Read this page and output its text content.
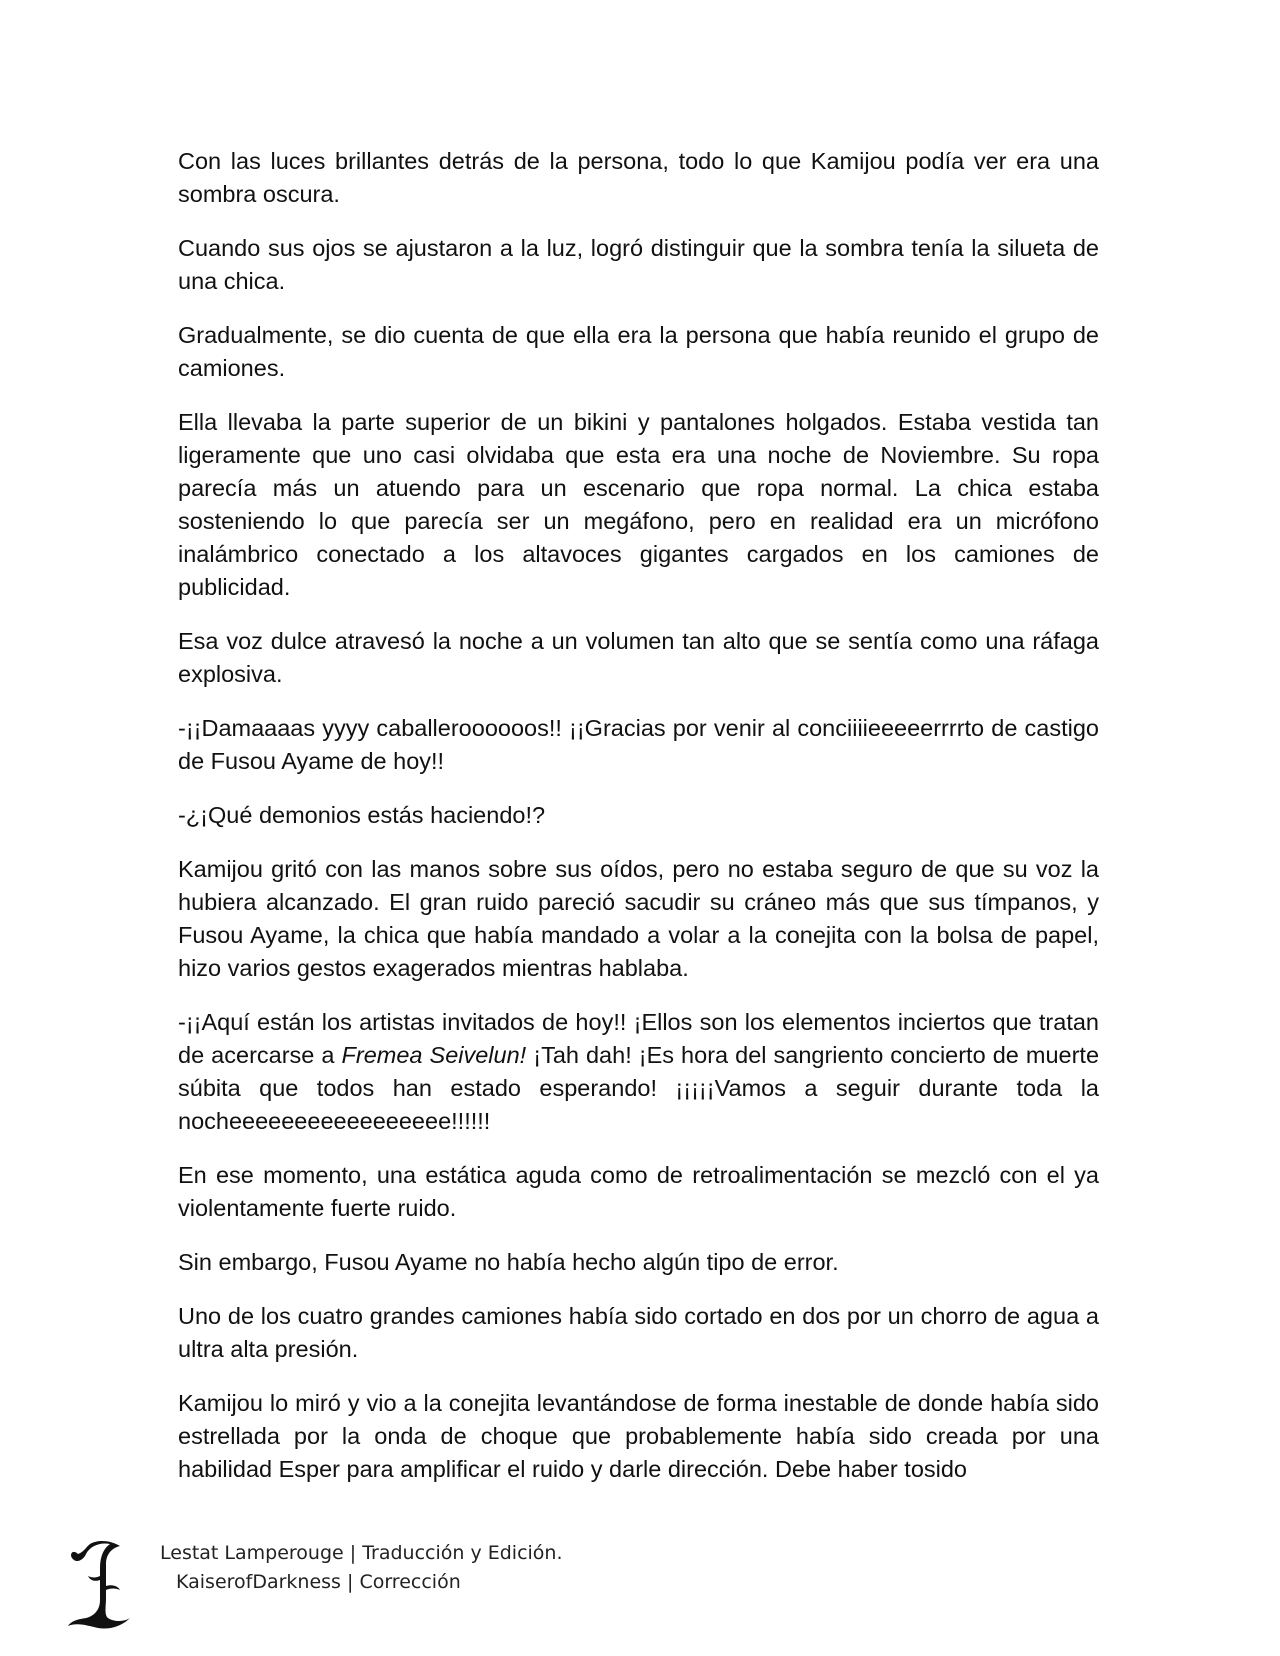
Con las luces brillantes detrás de la persona, todo lo que Kamijou podía ver era una sombra oscura.

Cuando sus ojos se ajustaron a la luz, logró distinguir que la sombra tenía la silueta de una chica.

Gradualmente, se dio cuenta de que ella era la persona que había reunido el grupo de camiones.

Ella llevaba la parte superior de un bikini y pantalones holgados. Estaba vestida tan ligeramente que uno casi olvidaba que esta era una noche de Noviembre. Su ropa parecía más un atuendo para un escenario que ropa normal. La chica estaba sosteniendo lo que parecía ser un megáfono, pero en realidad era un micrófono inalámbrico conectado a los altavoces gigantes cargados en los camiones de publicidad.

Esa voz dulce atravesó la noche a un volumen tan alto que se sentía como una ráfaga explosiva.

-¡¡Damaaaas yyyy caballeroooooos!! ¡¡Gracias por venir al conciiiieeeeerrrrto de castigo de Fusou Ayame de hoy!!

-¿¡Qué demonios estás haciendo!?

Kamijou gritó con las manos sobre sus oídos, pero no estaba seguro de que su voz la hubiera alcanzado. El gran ruido pareció sacudir su cráneo más que sus tímpanos, y Fusou Ayame, la chica que había mandado a volar a la conejita con la bolsa de papel, hizo varios gestos exagerados mientras hablaba.

-¡¡Aquí están los artistas invitados de hoy!! ¡Ellos son los elementos inciertos que tratan de acercarse a Fremea Seivelun! ¡Tah dah! ¡Es hora del sangriento concierto de muerte súbita que todos han estado esperando! ¡¡¡¡¡Vamos a seguir durante toda la nocheeeeeeeeeeeeeeeee!!!!!!

En ese momento, una estática aguda como de retroalimentación se mezcló con el ya violentamente fuerte ruido.

Sin embargo, Fusou Ayame no había hecho algún tipo de error.

Uno de los cuatro grandes camiones había sido cortado en dos por un chorro de agua a ultra alta presión.

Kamijou lo miró y vio a la conejita levantándose de forma inestable de donde había sido estrellada por la onda de choque que probablemente había sido creada por una habilidad Esper para amplificar el ruido y darle dirección. Debe haber tosido

Lestat Lamperouge | Traducción y Edición.
KaiserofDarkness | Corrección
